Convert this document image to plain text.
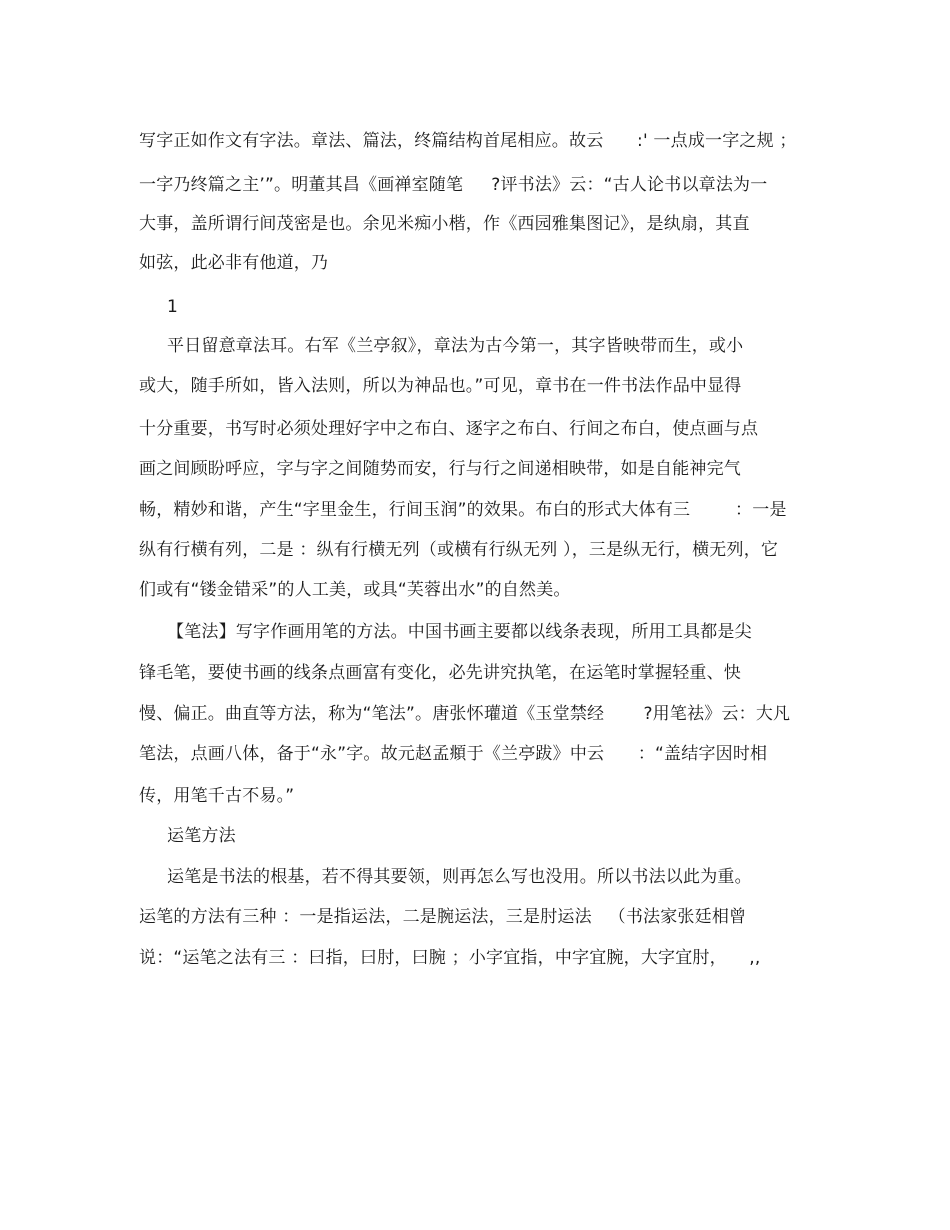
写字正如作文有字法。章法、篇法，终篇结构首尾相应。故云      :' 一点成一字之规 ；
一字乃终篇之主’”。明董其昌《画禅室随笔     ?评书法》云：“古人论书以章法为一
大事，盖所谓行间茂密是也。余见米痴小楷，作《西园雅集图记》，是纨扇，其直
如弦，此必非有他道，乃
1
平日留意章法耳。右军《兰亭叙》，章法为古今第一，其字皆映带而生，或小
或大，随手所如，皆入法则，所以为神品也。”可见，章书在一件书法作品中显得
十分重要，书写时必须处理好字中之布白、逐字之布白、行间之布白，使点画与点
画之间顾盼呼应，字与字之间随势而安，行与行之间递相映带，如是自能神完气
畅，精妙和谐，产生“字里金生，行间玉润”的效果。布白的形式大体有三        ：一是
纵有行横有列，二是 ：纵有行横无列（或横有行纵无列 ），三是纵无行，横无列，它
们或有“镂金错采”的人工美，或具“芙蓉出水”的自然美。
【笔法】写字作画用笔的方法。中国书画主要都以线条表现，所用工具都是尖
锋毛笔，要使书画的线条点画富有变化，必先讲究执笔，在运笔时掌握轻重、快
慢、偏正。曲直等方法，称为“笔法”。唐张怀瓘道《玉堂禁经       ?用笔祛》云：大凡
笔法，点画八体，备于“永”字。故元赵孟頫于《兰亭跋》中云      ：“盖结字因时相
传，用笔千古不易。”
运笔方法
运笔是书法的根基，若不得其要领，则再怎么写也没用。所以书法以此为重。
运笔的方法有三种 ：一是指运法，二是腕运法，三是肘运法   （书法家张廷相曾
说：“运笔之法有三 ：曰指，曰肘，曰腕 ；小字宜指，中字宜腕，大字宜肘，    ,,
